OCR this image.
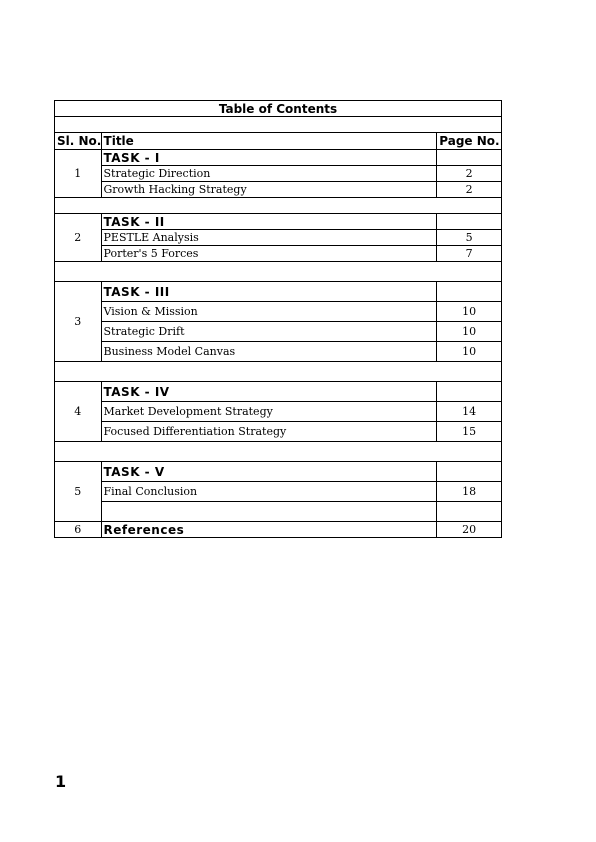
Table of Contents		

Sl. No.	Title	Page No.
1	TASK - I	
	Strategic Direction	2
	Growth Hacking Strategy	2

2	TASK - II	
	PESTLE Analysis	5
	Porter's 5 Forces	7

3	TASK - III	
	Vision & Mission	10
	Strategic Drift	10
	Business Model Canvas	10

4	TASK - IV	
	Market Development Strategy	14
	Focused Differentiation Strategy	15

5	TASK - V	
	Final Conclusion	18

6	References	20
1
